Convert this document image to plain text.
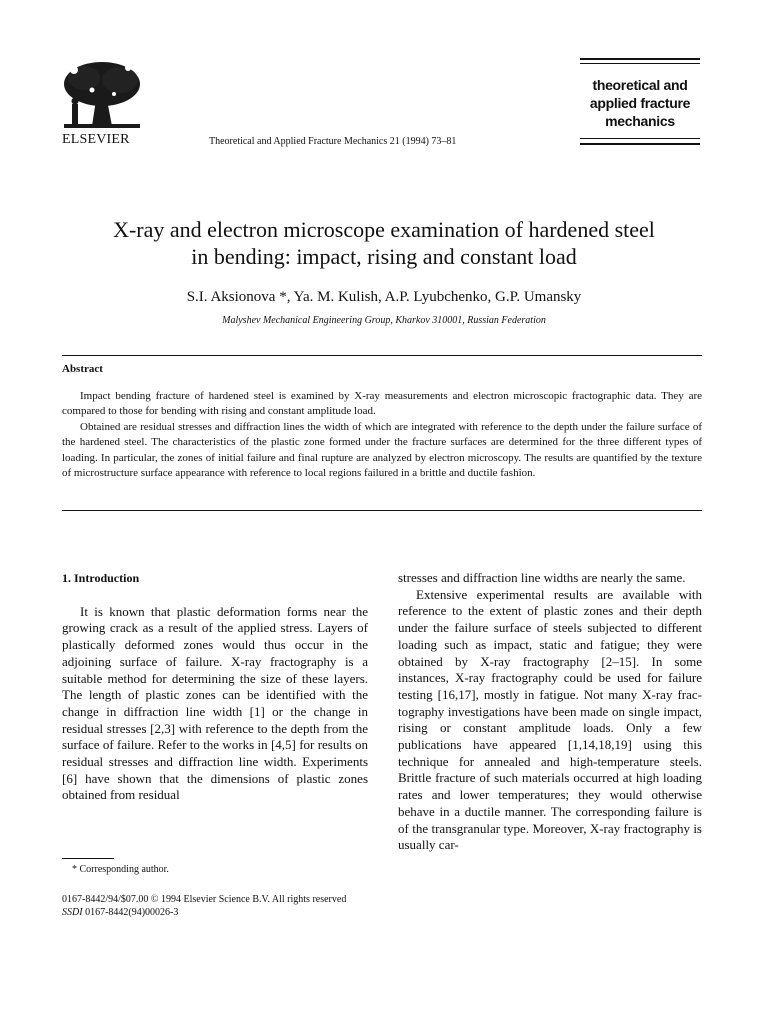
ELSEVIER	Theoretical and Applied Fracture Mechanics 21 (1994) 73–81
theoretical and
applied fracture
mechanics
X-ray and electron microscope examination of hardened steel
in bending: impact, rising and constant load
S.I. Aksionova *, Ya. M. Kulish, A.P. Lyubchenko, G.P. Umansky
Malyshev Mechanical Engineering Group, Kharkov 310001, Russian Federation
Abstract

Impact bending fracture of hardened steel is examined by X-ray measurements and electron microscopic fractographic data. They are compared to those for bending with rising and constant amplitude load.

Obtained are residual stresses and diffraction lines the width of which are integrated with reference to the depth under the failure surface of the hardened steel. The characteristics of the plastic zone formed under the fracture surfaces are determined for the three different types of loading. In particular, the zones of initial failure and final rupture are analyzed by electron microscopy. The results are quantified by the texture of microstructure surface appearance with reference to local regions failured in a brittle and ductile fashion.

1. Introduction

It is known that plastic deformation forms near the growing crack as a result of the applied stress. Layers of plastically deformed zones would thus occur in the adjoining surface of failure. X-ray fractography is a suitable method for determining the size of these layers. The length of plastic zones can be identified with the change in diffraction line width [1] or the change in residual stresses [2,3] with reference to the depth from the surface of failure. Refer to the works in [4,5] for results on residual stresses and diffraction line width. Experiments [6] have shown that the dimensions of plastic zones obtained from residual

stresses and diffraction line widths are nearly the same.

Extensive experimental results are available with reference to the extent of plastic zones and their depth under the failure surface of steels subjected to different loading such as impact, static and fatigue; they were obtained by X-ray fractography [2–15]. In some instances, X-ray fractography could be used for failure testing [16,17], mostly in fatigue. Not many X-ray fractography investigations have been made on single impact, rising or constant amplitude loads. Only a few publications have appeared [1,14,18,19] using this technique for annealed and high-temperature steels. Brittle fracture of such materials occurred at high loading rates and lower temperatures; they would otherwise behave in a ductile manner. The corresponding failure is of the transgranular type. Moreover, X-ray fractography is usually car-

* Corresponding author.
0167-8442/94/$07.00 © 1994 Elsevier Science B.V. All rights reserved
SSDI 0167-8442(94)00026-3
